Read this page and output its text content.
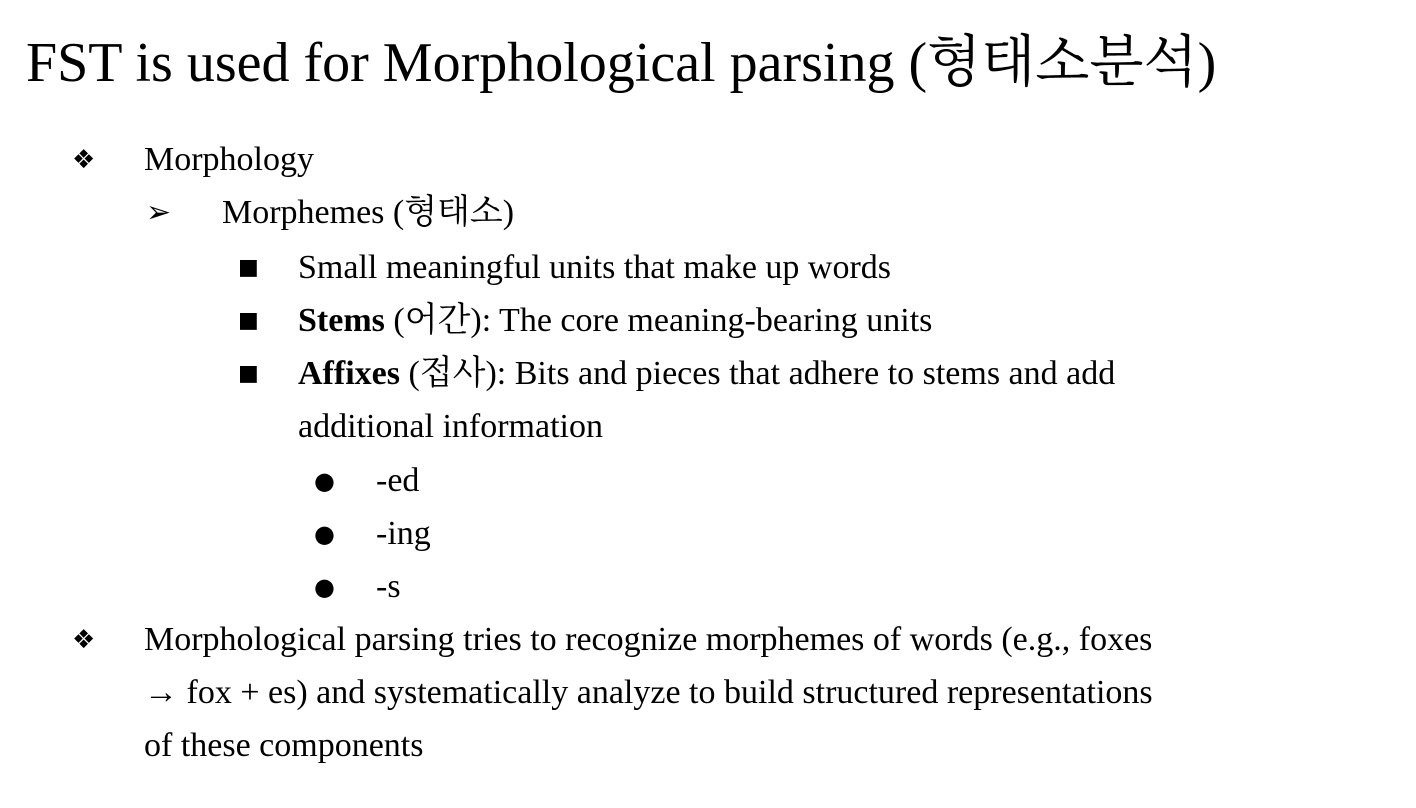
FST is used for Morphological parsing (형태소분석)
❖ Morphology
➢ Morphemes (형태소)
■ Small meaningful units that make up words
■ Stems (어간): The core meaning-bearing units
■ Affixes (접사): Bits and pieces that adhere to stems and add
additional information
● -ed
● -ing
● -s
❖ Morphological parsing tries to recognize morphemes of words (e.g., foxes
→ fox + es) and systematically analyze to build structured representations
of these components
